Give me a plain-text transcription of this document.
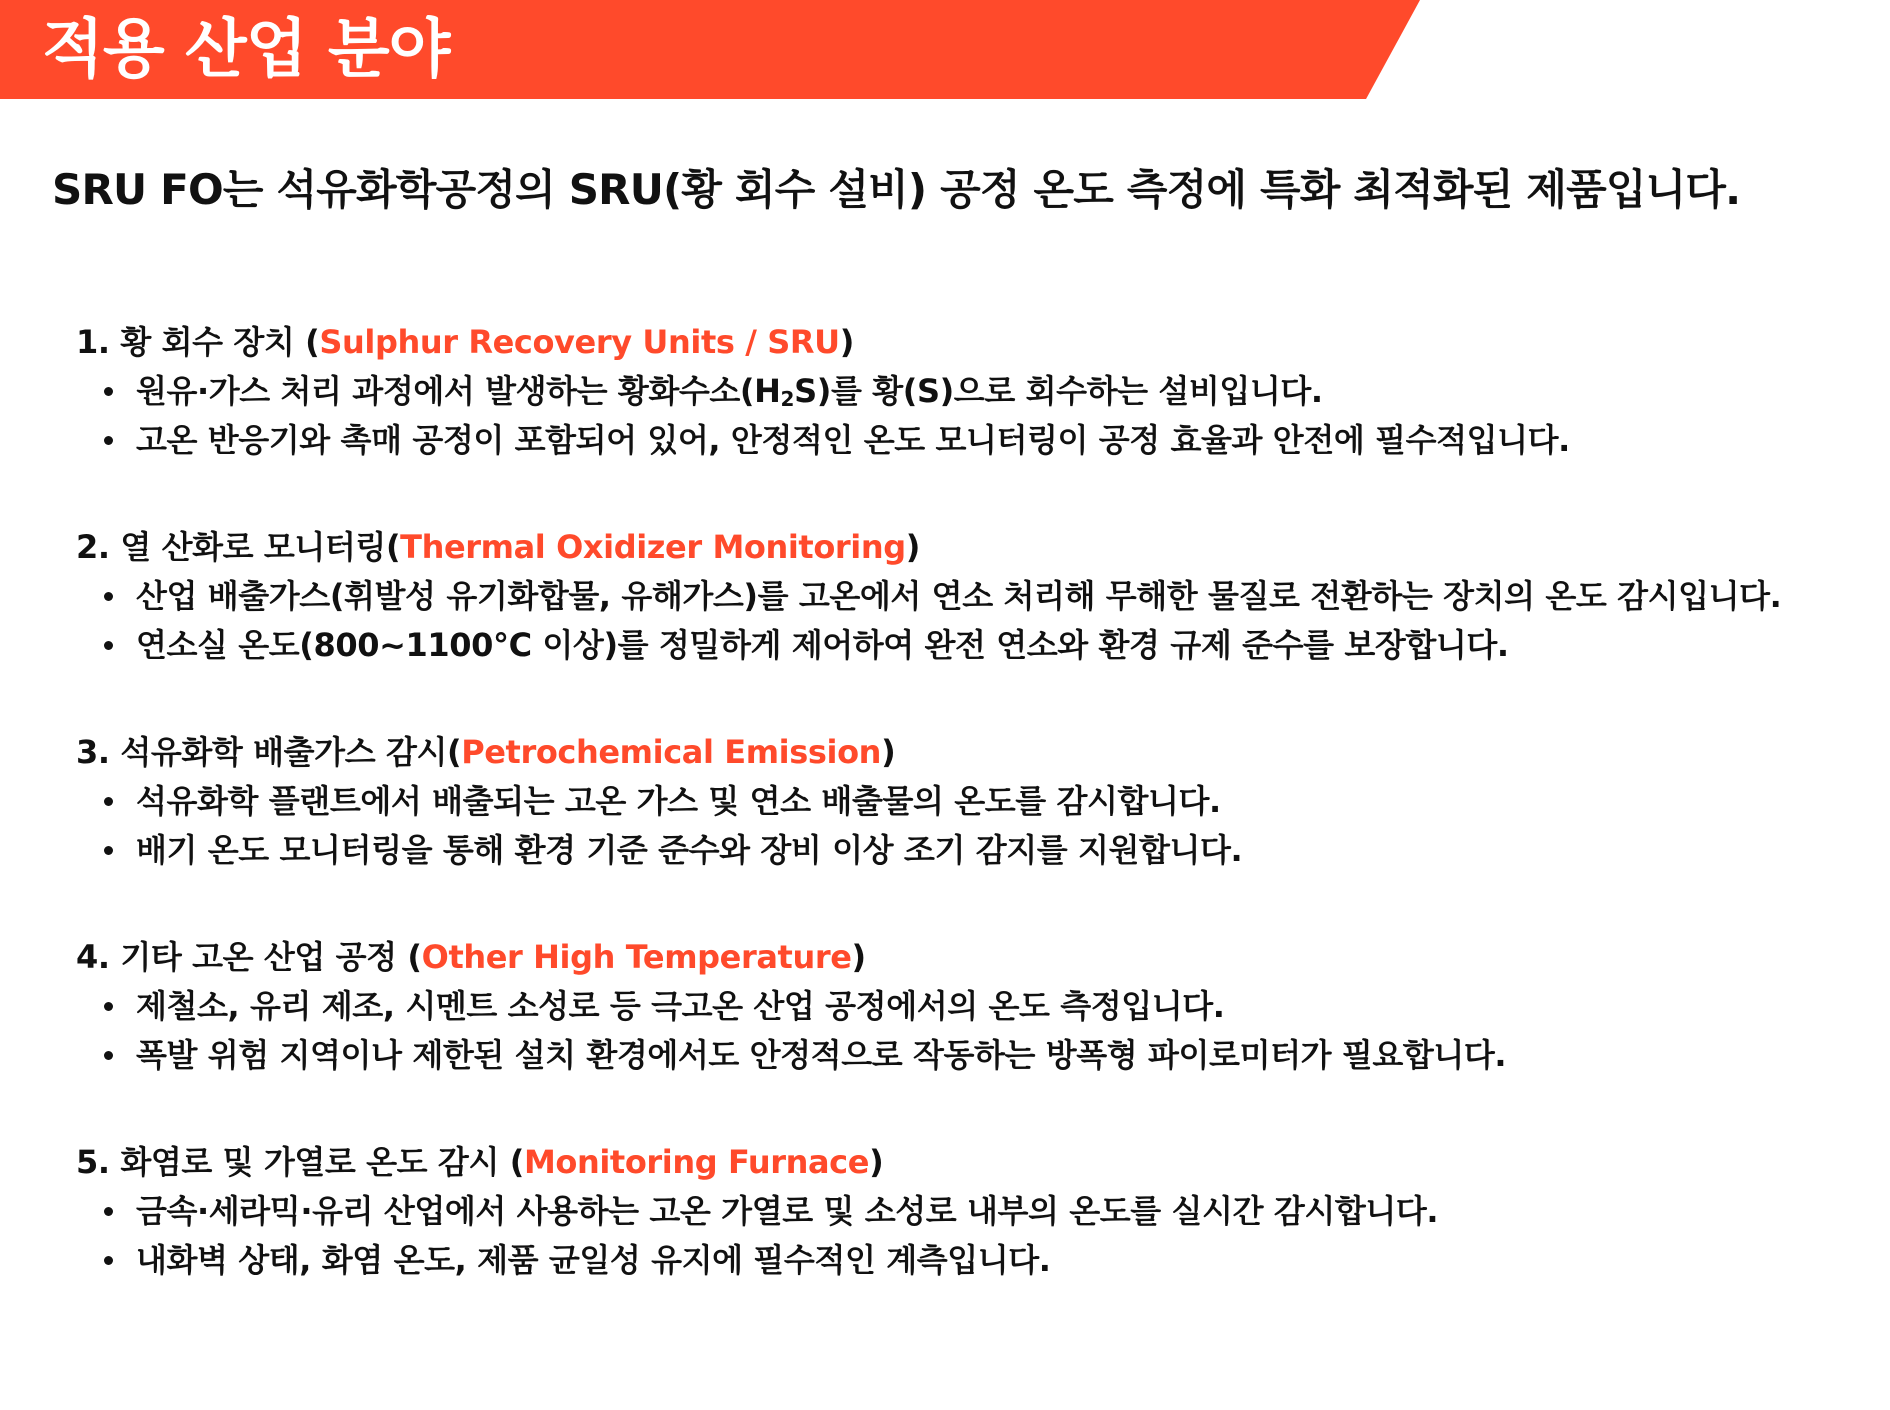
적용 산업 분야
SRU FO는 석유화학공정의 SRU(황 회수 설비) 공정 온도 측정에 특화 최적화된 제품입니다.
1. 황 회수 장치 (Sulphur Recovery Units / SRU)
원유·가스 처리 과정에서 발생하는 황화수소$(H_2S)$를 황(S)으로 회수하는 설비입니다.
고온 반응기와 촉매 공정이 포함되어 있어, 안정적인 온도 모니터링이 공정 효율과 안전에 필수적입니다.
2. 열 산화로 모니터링(Thermal Oxidizer Monitoring)
산업 배출가스(휘발성 유기화합물, 유해가스)를 고온에서 연소 처리해 무해한 물질로 전환하는 장치의 온도 감시입니다.
연소실 온도(800~1100°C 이상)를 정밀하게 제어하여 완전 연소와 환경 규제 준수를 보장합니다.
3. 석유화학 배출가스 감시(Petrochemical Emission)
석유화학 플랜트에서 배출되는 고온 가스 및 연소 배출물의 온도를 감시합니다.
배기 온도 모니터링을 통해 환경 기준 준수와 장비 이상 조기 감지를 지원합니다.
4. 기타 고온 산업 공정 (Other High Temperature)
제철소, 유리 제조, 시멘트 소성로 등 극고온 산업 공정에서의 온도 측정입니다.
폭발 위험 지역이나 제한된 설치 환경에서도 안정적으로 작동하는 방폭형 파이로미터가 필요합니다.
5. 화염로 및 가열로 온도 감시 (Monitoring Furnace)
금속·세라믹·유리 산업에서 사용하는 고온 가열로 및 소성로 내부의 온도를 실시간 감시합니다.
내화벽 상태, 화염 온도, 제품 균일성 유지에 필수적인 계측입니다.
